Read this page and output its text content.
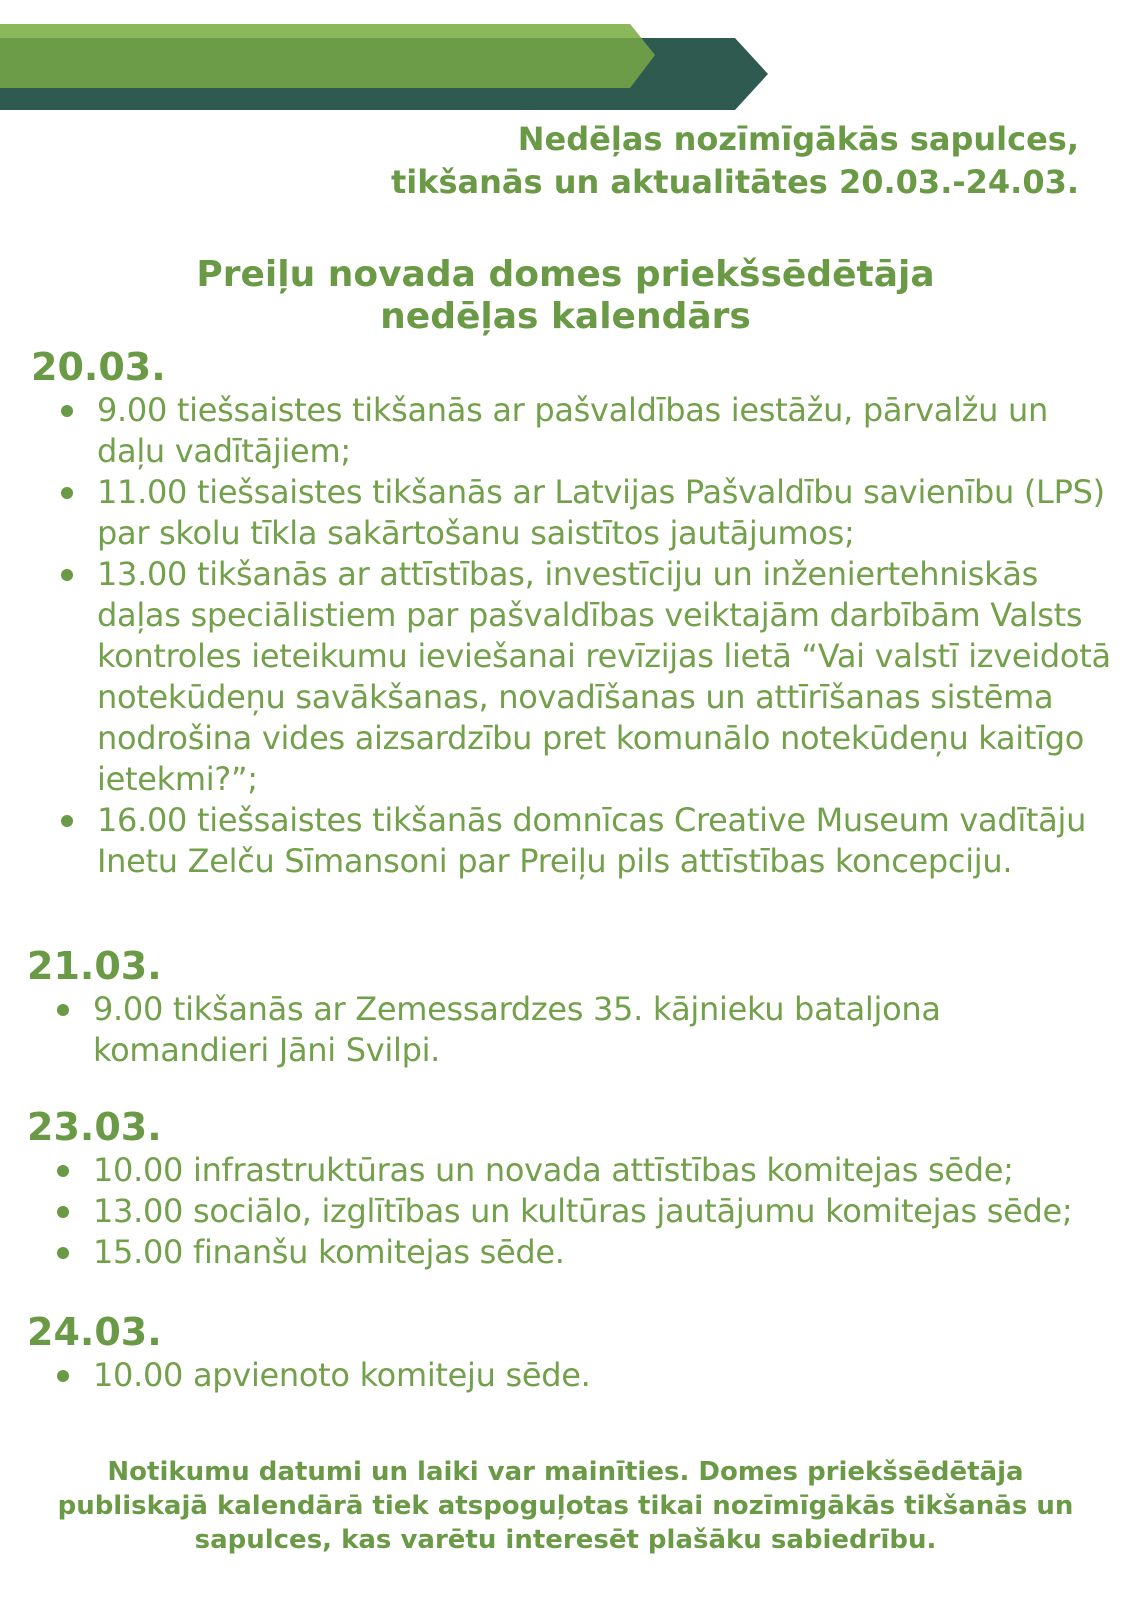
Nedēļas nozīmīgākās sapulces,
tikšanās un aktualitātes 20.03.-24.03.
Preiļu novada domes priekšsēdētāja
nedēļas kalendārs
20.03.
9.00 tiešsaistes tikšanās ar pašvaldības iestāžu, pārvalžu un daļu vadītājiem;
11.00 tiešsaistes tikšanās ar Latvijas Pašvaldību savienību (LPS) par skolu tīkla sakārtošanu saistītos jautājumos;
13.00 tikšanās ar attīstības, investīciju un inženiertehniskās daļas speciālistiem par pašvaldības veiktajām darbībām Valsts kontroles ieteikumu ieviešanai revīzijas lietā “Vai valstī izveidotā notekūdeņu savākšanas, novadīšanas un attīrīšanas sistēma nodrošina vides aizsardzību pret komunālo notekūdeņu kaitīgo ietekmi?”;
16.00 tiešsaistes tikšanās domnīcas Creative Museum vadītāju Inetu Zelču Sīmansoni par Preiļu pils attīstības koncepciju.
21.03.
9.00 tikšanās ar Zemessardzes 35. kājnieku bataljona komandieri Jāni Svilpi.
23.03.
10.00 infrastruktūras un novada attīstības komitejas sēde;
13.00 sociālo, izglītības un kultūras jautājumu komitejas sēde;
15.00 finanšu komitejas sēde.
24.03.
10.00 apvienoto komiteju sēde.

Notikumu datumi un laiki var mainīties. Domes priekšsēdētāja publiskajā kalendārā tiek atspoguļotas tikai nozīmīgākās tikšanās un sapulces, kas varētu interesēt plašāku sabiedrību.
